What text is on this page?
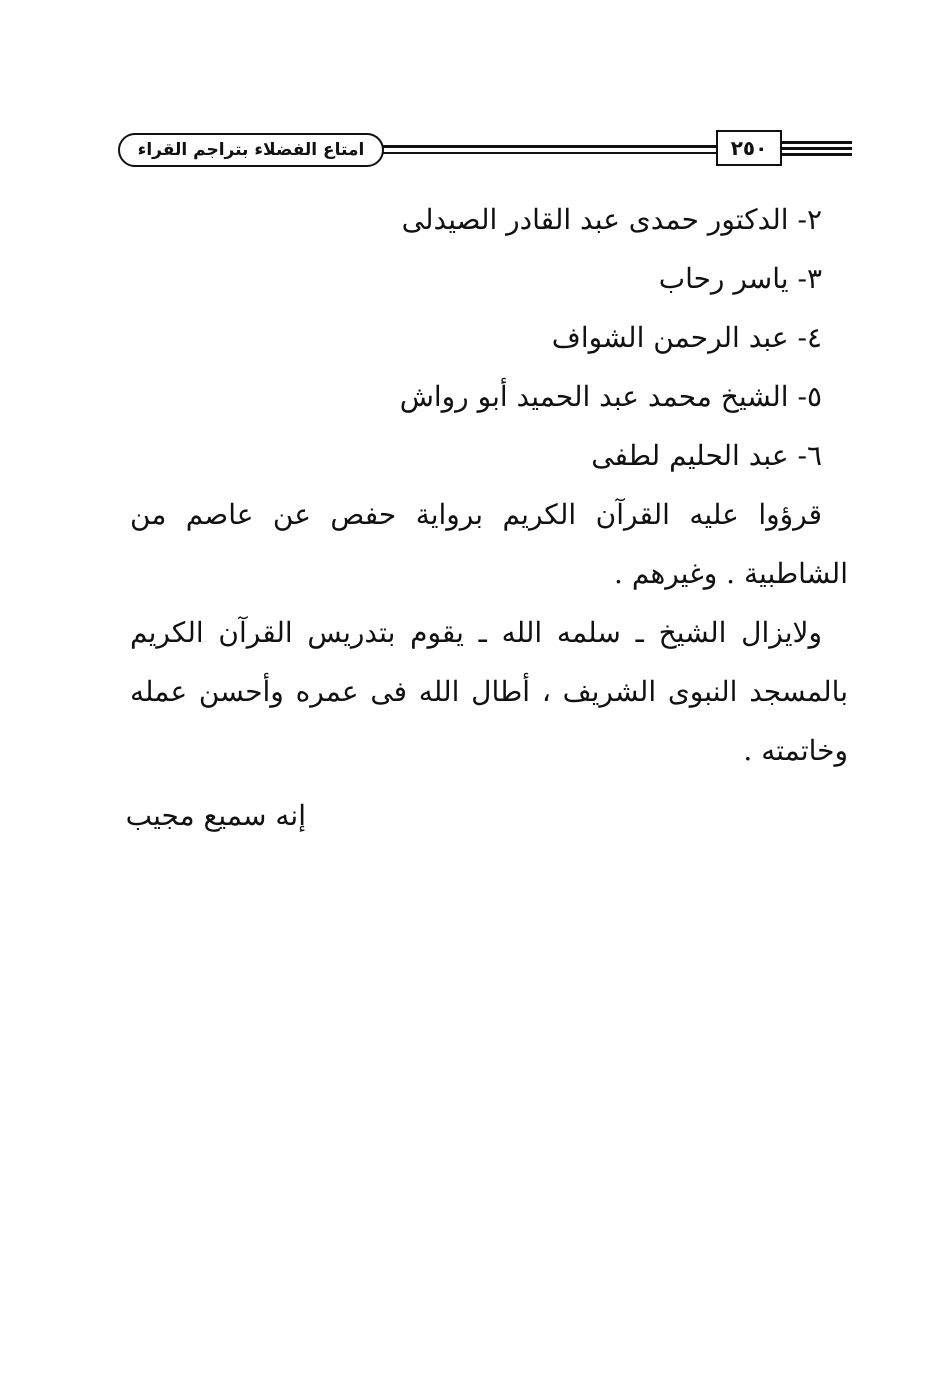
امتاع الفضلاء بتراجم القراء	٢٥٠
٢- الدكتور حمدى عبد القادر الصيدلى
٣- ياسر رحاب
٤- عبد الرحمن الشواف
٥- الشيخ محمد عبد الحميد أبو رواش
٦- عبد الحليم لطفى

قرؤوا عليه القرآن الكريم برواية حفص عن عاصم من الشاطبية . وغيرهم .

ولايزال الشيخ ـ سلمه الله ـ يقوم بتدريس القرآن الكريم بالمسجد النبوى الشريف ، أطال الله فى عمره وأحسن عمله وخاتمته .

إنه سميع مجيب
